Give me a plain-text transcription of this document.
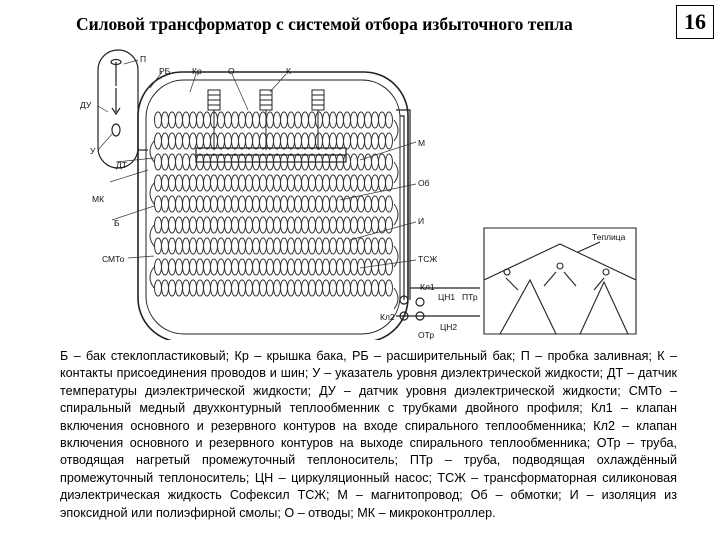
Силовой трансформатор с системой отбора избыточного тепла	16
П
РБ	Кр	О	К
ДУ
У
ДТ
МК
Б
СМТо
М
Об
И
ТСЖ
Кл1
ЦН1 ПТр
Кл2
ЦН2
ОТр
Теплица
Б – бак стеклопластиковый; Кр – крышка бака, РБ – расширительный бак; П – пробка заливная; К – контакты присоединения проводов и шин; У – указатель уровня диэлектрической жидкости; ДТ – датчик температуры диэлектрической жидкости; ДУ – датчик уровня диэлектрической жидкости; СМТо – спиральный медный двухконтурный теплообменник с трубками двойного профиля; Кл1 – клапан включения основного и резервного контуров на входе спирального теплообменника; Кл2 – клапан включения основного и резервного контуров на выходе спирального теплообменника; ОТр – труба, отводящая нагретый промежуточный теплоноситель; ПТр – труба, подводящая охлаждённый промежуточный теплоноситель; ЦН – циркуляционный насос; ТСЖ – трансформаторная силиконовая диэлектрическая жидкость Софексил ТСЖ; М – магнитопровод; Об – обмотки; И – изоляция из эпоксидной или полиэфирной смолы; О – отводы; МК – микроконтроллер.
